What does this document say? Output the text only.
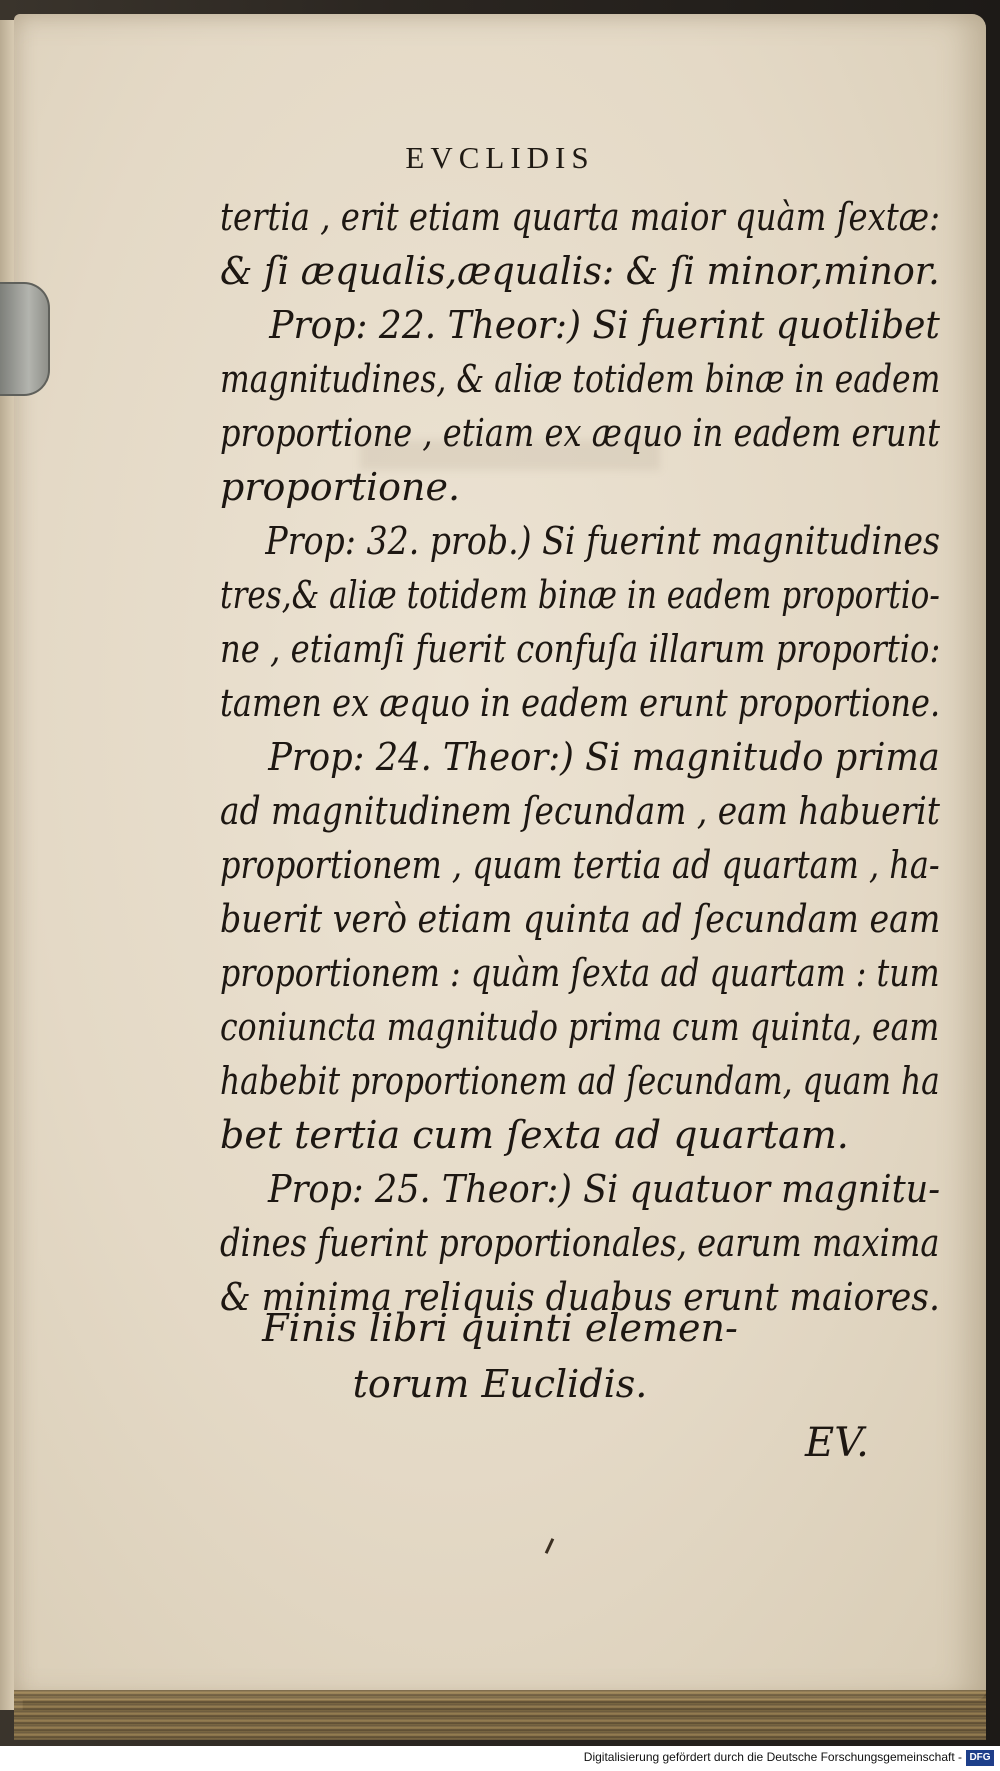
EVCLIDIS
tertia , erit etiam quarta maior quàm ſextæ:
& ſi æqualis,æqualis: & ſi minor,minor.
Prop: 22. Theor:) Si fuerint quotlibet
magnitudines, & aliæ totidem binæ in eadem
proportione , etiam ex æquo in eadem erunt
proportione.
Prop: 32. prob.) Si fuerint magnitudines
tres,& aliæ totidem binæ in eadem proportio-
ne , etiamſi fuerit confuſa illarum proportio:
tamen ex æquo in eadem erunt proportione.
Prop: 24. Theor:) Si magnitudo prima
ad magnitudinem ſecundam , eam habuerit
proportionem , quam tertia ad quartam , ha-
buerit verò etiam quinta ad ſecundam eam
proportionem : quàm ſexta ad quartam : tum
coniuncta magnitudo prima cum quinta, eam
habebit proportionem ad ſecundam, quam ha
bet tertia cum ſexta ad quartam.
Prop: 25. Theor:) Si quatuor magnitu-
dines fuerint proportionales, earum maxima
& minima reliquis duabus erunt maiores.
Finis libri quinti elemen-
torum Euclidis.
EV.
Digitalisierung gefördert durch die Deutsche Forschungsgemeinschaft - DFG
